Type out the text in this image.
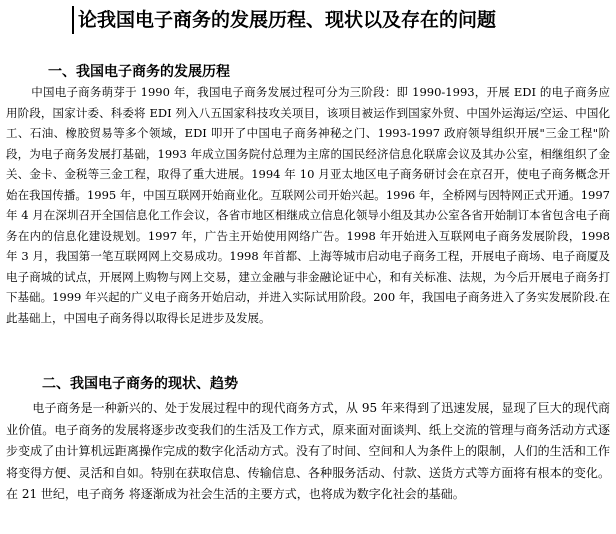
论我国电子商务的发展历程、现状以及存在的问题
一、我国电子商务的发展历程

中国电子商务萌芽于 1990 年，我国电子商务发展过程可分为三阶段：即 1990-1993，开展 EDI 的电子商务应用阶段，国家计委、科委将 EDI 列入八五国家科技攻关项目，该项目被运作到国家外贸、中国外运海运/空运、中国化工、石油、橡胶贸易等多个领域，EDI 叩开了中国电子商务神秘之门、1993-1997 政府领导组织开展"三金工程"阶段，为电子商务发展打基础，1993 年成立国务院付总理为主席的国民经济信息化联席会议及其办公室，相继组织了金关、金卡、金税等三金工程，取得了重大进展。1994 年 10 月亚太地区电子商务研讨会在京召开，使电子商务概念开始在我国传播。1995 年，中国互联网开始商业化。互联网公司开始兴起。1996 年，全桥网与因特网正式开通。1997 年 4 月在深圳召开全国信息化工作会议，各省市地区相继成立信息化领导小组及其办公室各省开始制订本省包含电子商务在内的信息化建设规划。1997 年，广告主开始使用网络广告。1998 年开始进入互联网电子商务发展阶段，1998 年 3 月，我国第一笔互联网网上交易成功。1998 年首都、上海等城市启动电子商务工程，开展电子商场、电子商厦及电子商城的试点，开展网上购物与网上交易，建立金融与非金融论证中心，和有关标准、法规，为今后开展电子商务打下基础。1999 年兴起的广义电子商务开始启动，并进入实际试用阶段。200 年，我国电子商务进入了务实发展阶段.在此基础上，中国电子商务得以取得长足进步及发展。

二、我国电子商务的现状、趋势

电子商务是一种新兴的、处于发展过程中的现代商务方式，从 95 年来得到了迅速发展，显现了巨大的现代商业价值。电子商务的发展将逐步改变我们的生活及工作方式，原来面对面谈判、纸上交流的管理与商务活动方式逐步变成了由计算机远距离操作完成的数字化活动方式。没有了时间、空间和人为条件上的限制，人们的生活和工作将变得方便、灵活和自如。特别在获取信息、传输信息、各种服务活动、付款、送货方式等方面将有根本的变化。在 21 世纪，电子商务 将逐渐成为社会生活的主要方式，也将成为数字化社会的基础。
